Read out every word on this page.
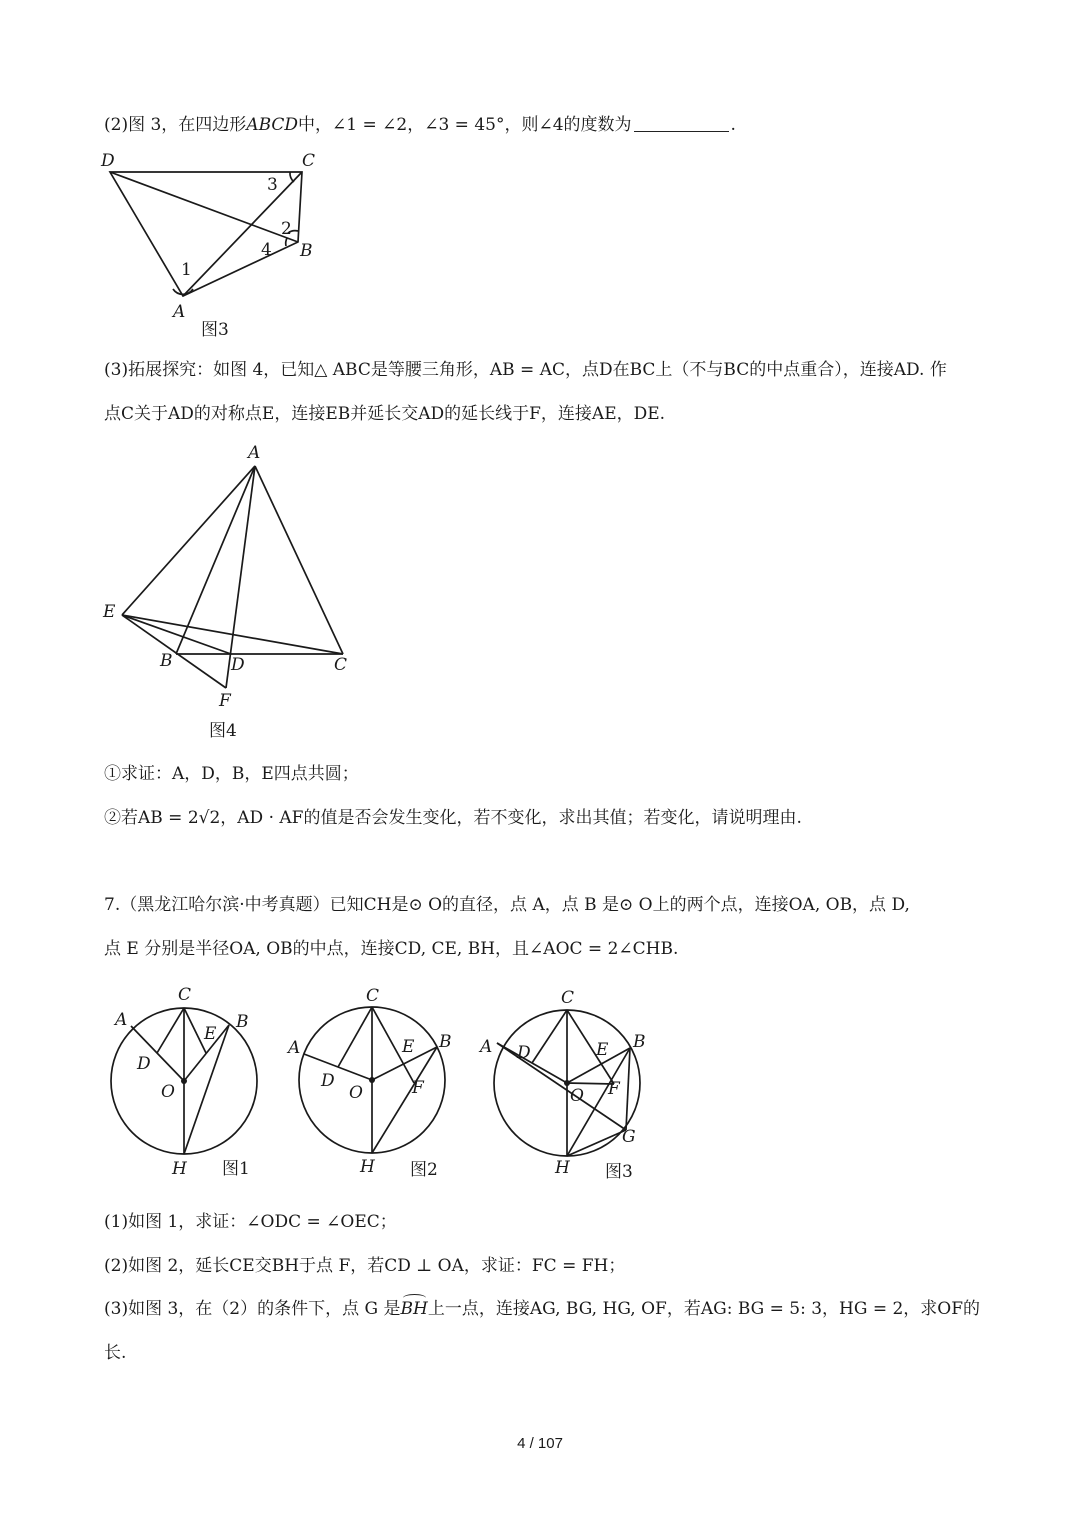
(2)图 3，在四边形ABCD中，∠1 = ∠2，∠3 = 45°，则∠4的度数为	.
D	C
3
2
4 B
1
A
图3
(3)拓展探究：如图 4，已知△ ABC是等腰三角形，AB = AC，点D在BC上（不与BC的中点重合），连接AD. 作
点C关于AD的对称点E，连接EB并延长交AD的延长线于F，连接AE，DE.
A
E
B	D	C
F
图4
①求证：A，D，B，E四点共圆；
②若AB = 2√2，AD · AF的值是否会发生变化，若不变化，求出其值；若变化，请说明理由.
7.（黑龙江哈尔滨·中考真题）已知CH是⊙ O的直径，点 A，点 B 是⊙ O上的两个点，连接OA, OB，点 D,
点 E 分别是半径OA, OB的中点，连接CD, CE, BH，且∠AOC = 2∠CHB.
C
A
E
B
D
O
H 图1
C
A	E B
D
O	F
H 图2
C
A D	E B
O F
G
H 图3
(1)如图 1，求证：∠ODC = ∠OEC；
(2)如图 2，延长CE交BH于点 F，若CD ⊥ OA，求证：FC = FH；
(3)如图 3，在（2）的条件下，点 G 是
BH上一点，连接AG, BG, HG, OF，若AG: BG = 5: 3，HG = 2，求OF的
长.
4 / 107
